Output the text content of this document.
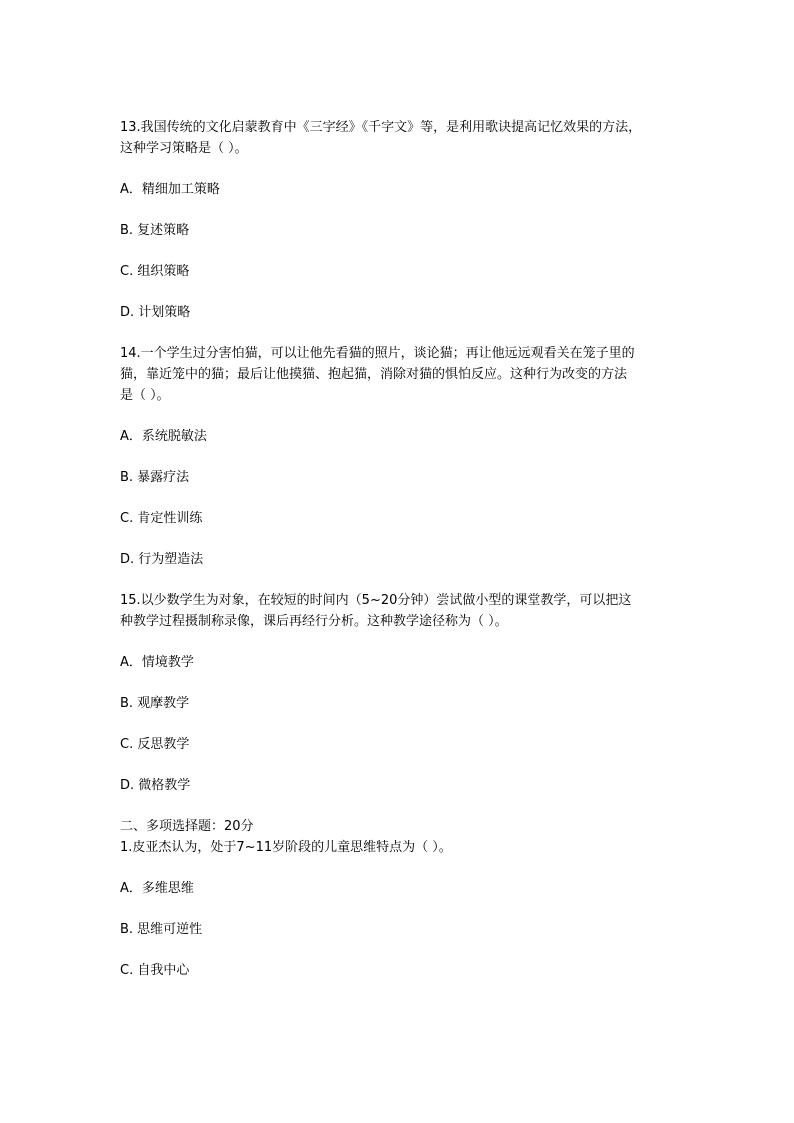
13.我国传统的文化启蒙教育中《三字经》《千字文》等，是利用歌诀提高记忆效果的方法，
这种学习策略是（ ）。

A．精细加工策略

B. 复述策略

C. 组织策略

D. 计划策略

14.一个学生过分害怕猫，可以让他先看猫的照片，谈论猫；再让他远远观看关在笼子里的
猫，靠近笼中的猫；最后让他摸猫、抱起猫，消除对猫的惧怕反应。这种行为改变的方法
是（ ）。

A．系统脱敏法

B. 暴露疗法

C. 肯定性训练

D. 行为塑造法

15.以少数学生为对象，在较短的时间内（5~20分钟）尝试做小型的课堂教学，可以把这
种教学过程摄制称录像，课后再经行分析。这种教学途径称为（ ）。

A．情境教学

B. 观摩教学

C. 反思教学

D. 微格教学

二、多项选择题：20分

1.皮亚杰认为，处于7~11岁阶段的儿童思维特点为（ ）。

A．多维思维

B. 思维可逆性

C. 自我中心
